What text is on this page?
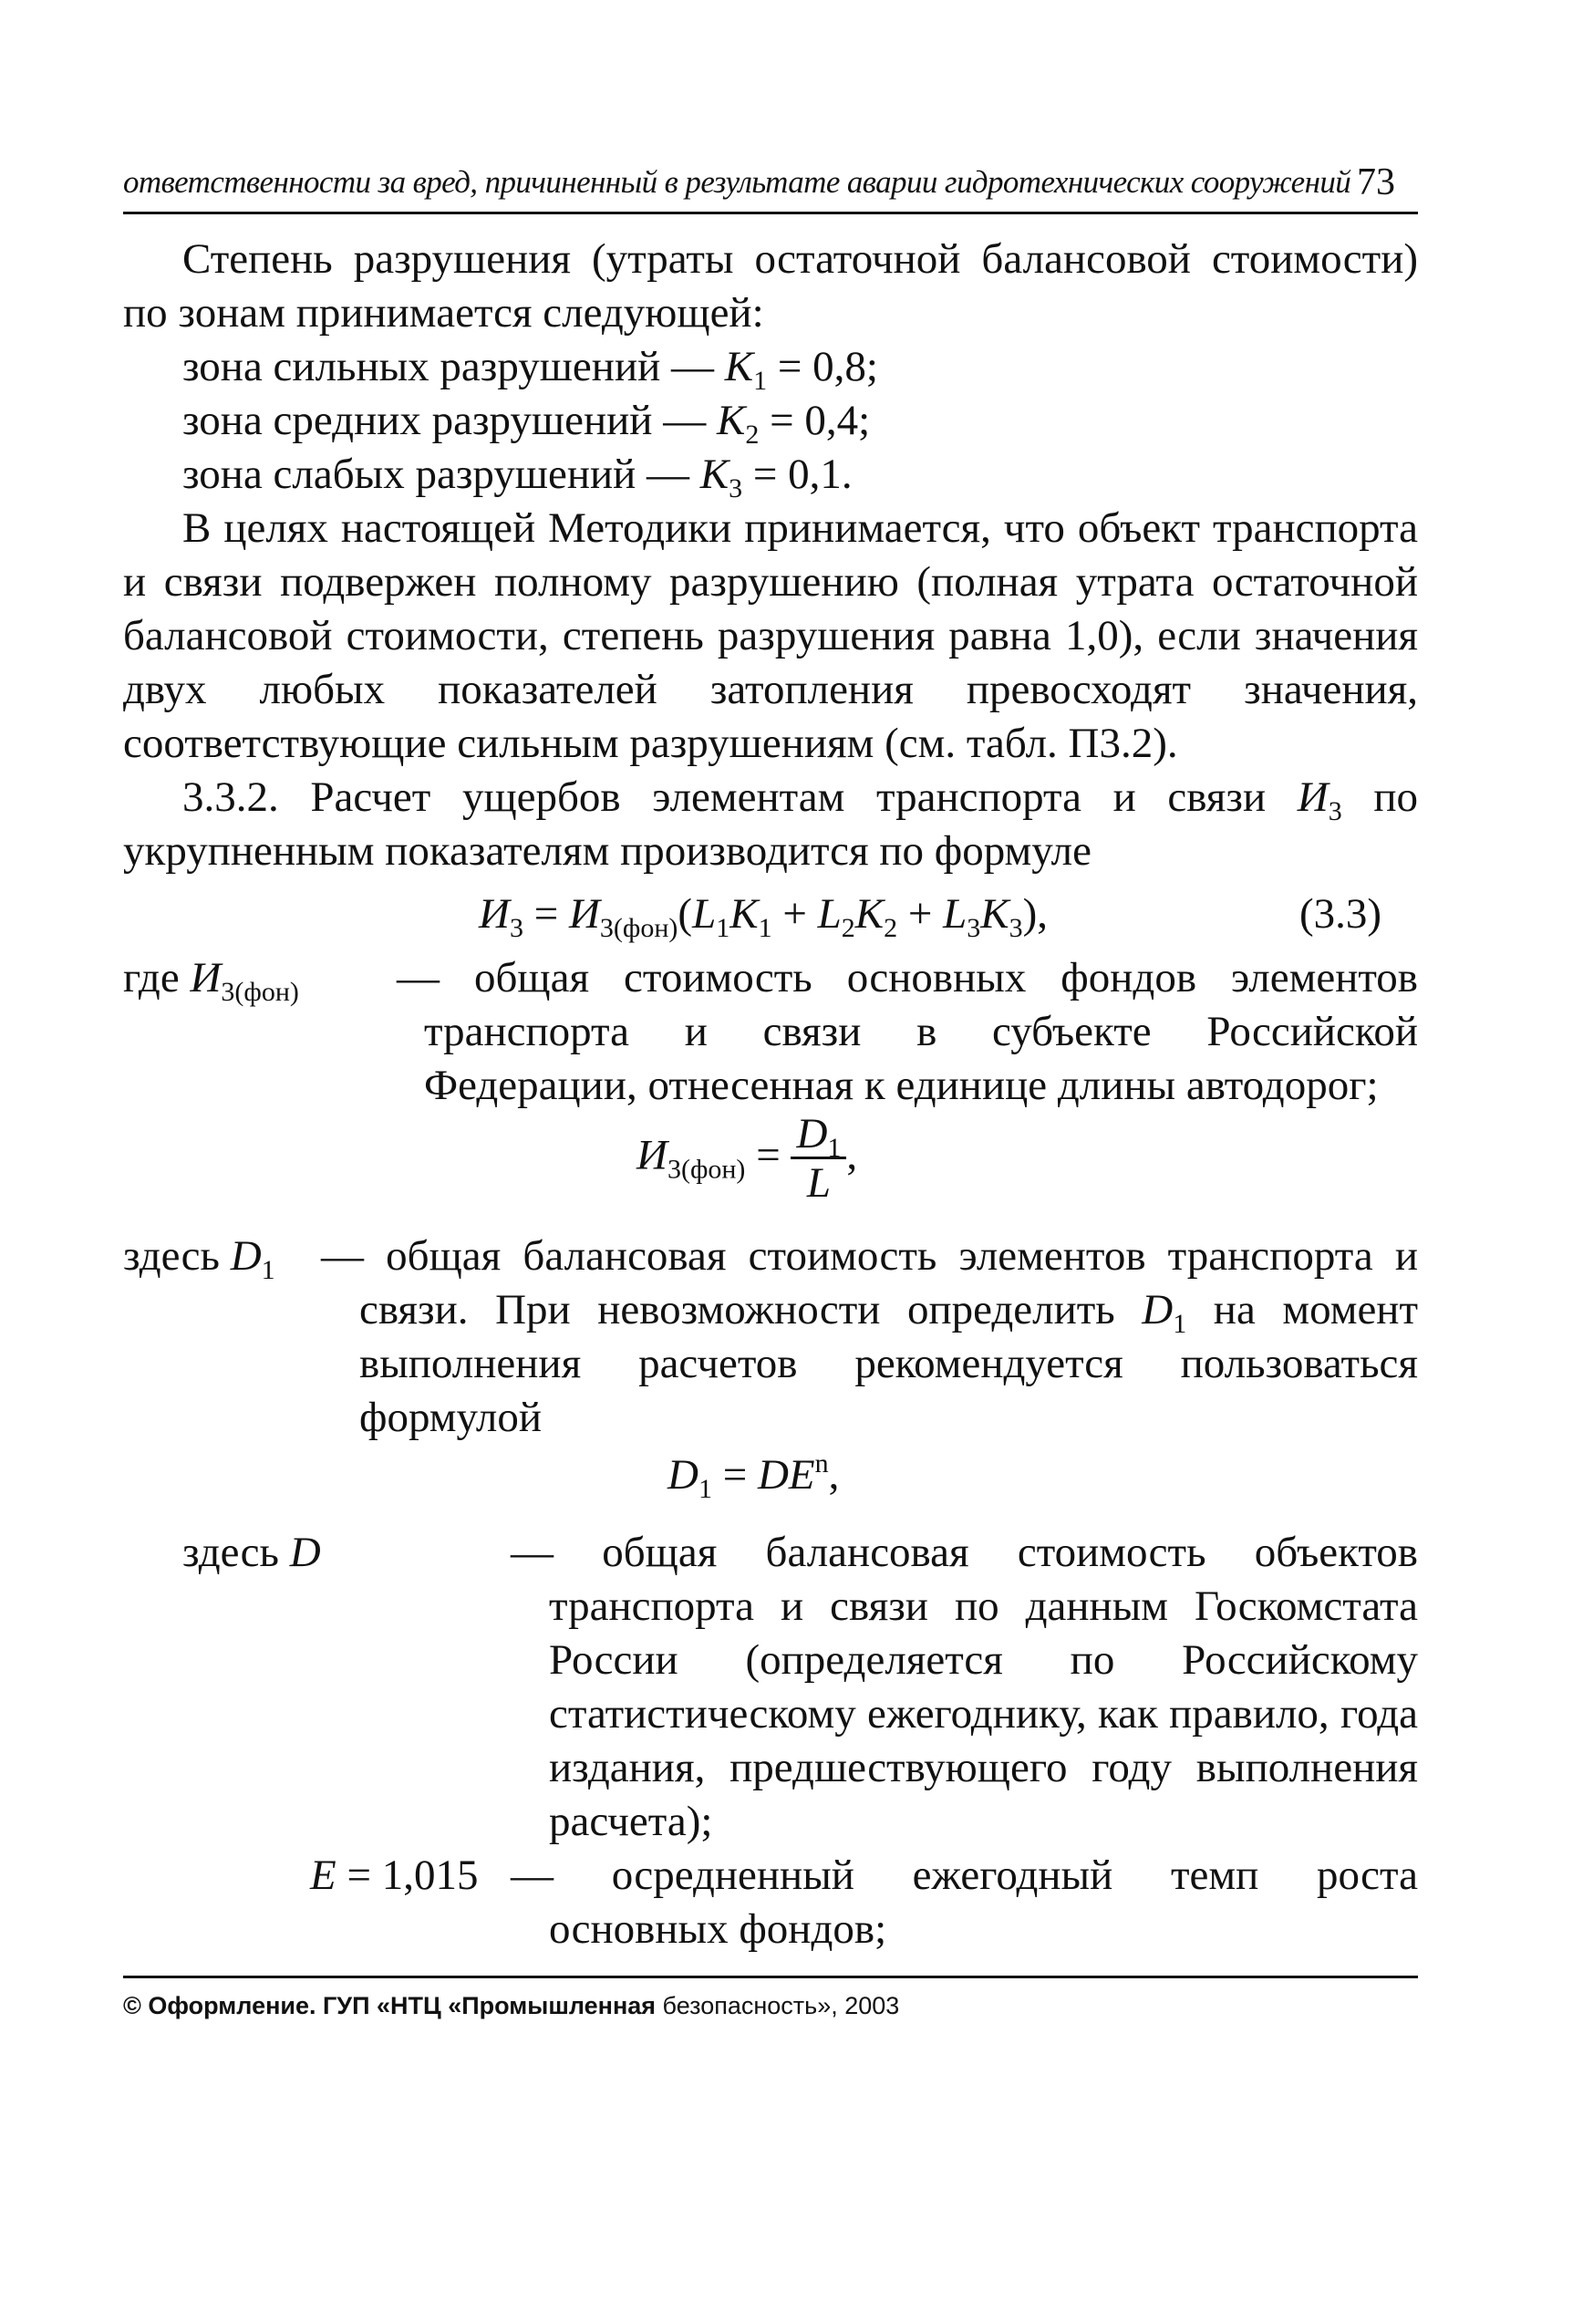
ответственности за вред, причиненный в результате аварии гидротехнических сооружений 73
Степень разрушения (утраты остаточной балансовой стоимости) по зонам принимается следующей:
зона сильных разрушений — $K_1 = 0,8$;
зона средних разрушений — $K_2 = 0,4$;
зона слабых разрушений — $K_3 = 0,1$.
В целях настоящей Методики принимается, что объект транспорта и связи подвержен полному разрушению (полная утрата остаточной балансовой стоимости, степень разрушения равна 1,0), если значения двух любых показателей затопления превосходят значения, соответствующие сильным разрушениям (см. табл. П3.2).
3.3.2. Расчет ущербов элементам транспорта и связи $И_3$ по укрупненным показателям производится по формуле
$И_3 = И_{3(фон)}(L_1K_1 + L_2K_2 + L_3K_3)$,	(3.3)
где $И_{3(фон)}$ — общая стоимость основных фондов элементов транспорта и связи в субъекте Российской Федерации, отнесенная к единице длины автодорог;
$И_{3(фон)} = \frac{D_1}{L}$ ,
здесь $D_1$ — общая балансовая стоимость элементов транспорта и связи. При невозможности определить $D_1$ на момент выполнения расчетов рекомендуется пользоваться формулой
$D_1 = DE^n$,
здесь D	— общая балансовая стоимость объектов транспорта и связи по данным Госкомстата России (определяется по Российскому статистическому ежегоднику, как правило, года издания, предшествующего году выполнения расчета);
E = 1,015 — осредненный ежегодный темп роста основных фондов;
© Оформление. ГУП «НТЦ «Промышленная безопасность», 2003
